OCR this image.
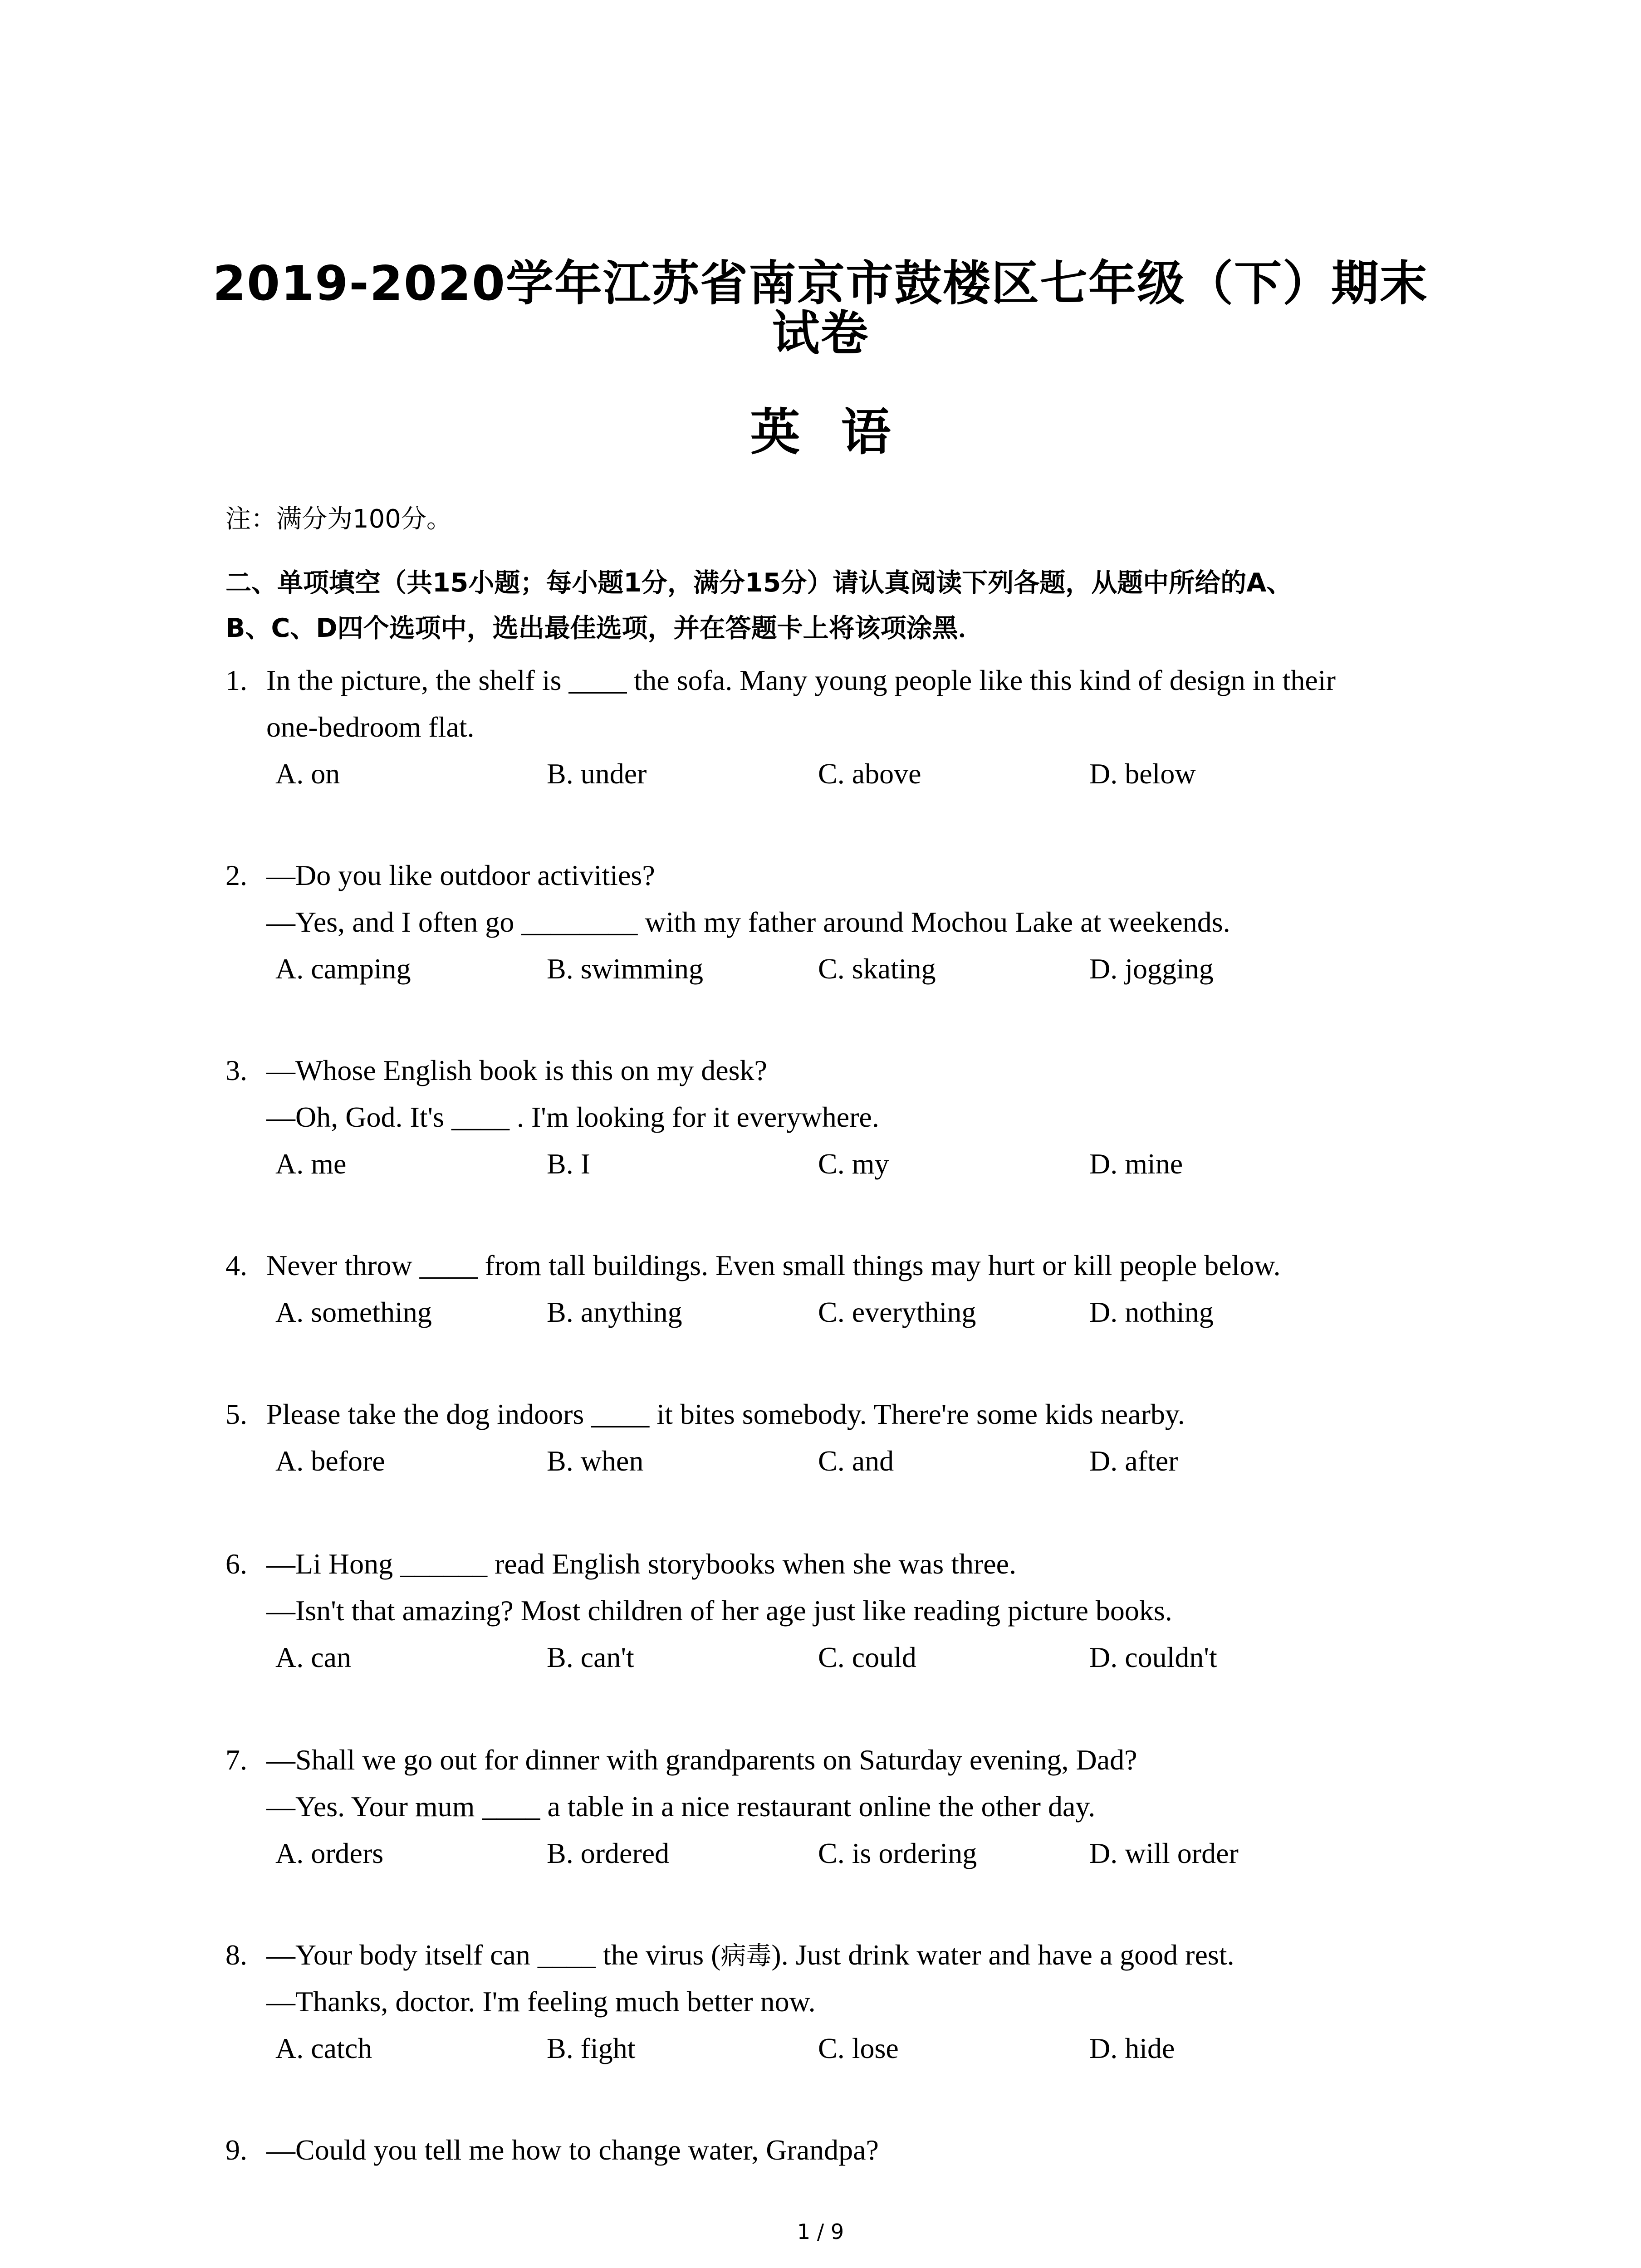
2019-2020学年江苏省南京市鼓楼区七年级（下）期末
试卷
英语
注：满分为100分。
二、单项填空（共15小题；每小题1分，满分15分）请认真阅读下列各题，从题中所给的A、
B、C、D四个选项中，选出最佳选项，并在答题卡上将该项涂黑．
1. In the picture, the shelf is ____ the sofa. Many young people like this kind of design in their
one-bedroom flat.
A. on	B. under	C. above	D. below
2. —Do you like outdoor activities?
—Yes, and I often go ________ with my father around Mochou Lake at weekends.
A. camping	B. swimming	C. skating	D. jogging
3. —Whose English book is this on my desk?
—Oh, God. It's ____ . I'm looking for it everywhere.
A. me	B. I	C. my	D. mine
4. Never throw ____ from tall buildings. Even small things may hurt or kill people below.
A. something	B. anything	C. everything	D. nothing
5. Please take the dog indoors ____ it bites somebody. There're some kids nearby.
A. before	B. when	C. and	D. after
6. —Li Hong ______ read English storybooks when she was three.
—Isn't that amazing? Most children of her age just like reading picture books.
A. can	B. can't	C. could	D. couldn't
7. —Shall we go out for dinner with grandparents on Saturday evening, Dad?
—Yes. Your mum ____ a table in a nice restaurant online the other day.
A. orders	B. ordered	C. is ordering	D. will order
8. —Your body itself can ____ the virus (病毒). Just drink water and have a good rest.
—Thanks, doctor. I'm feeling much better now.
A. catch	B. fight	C. lose	D. hide
9. —Could you tell me how to change water, Grandpa?
1 / 9
